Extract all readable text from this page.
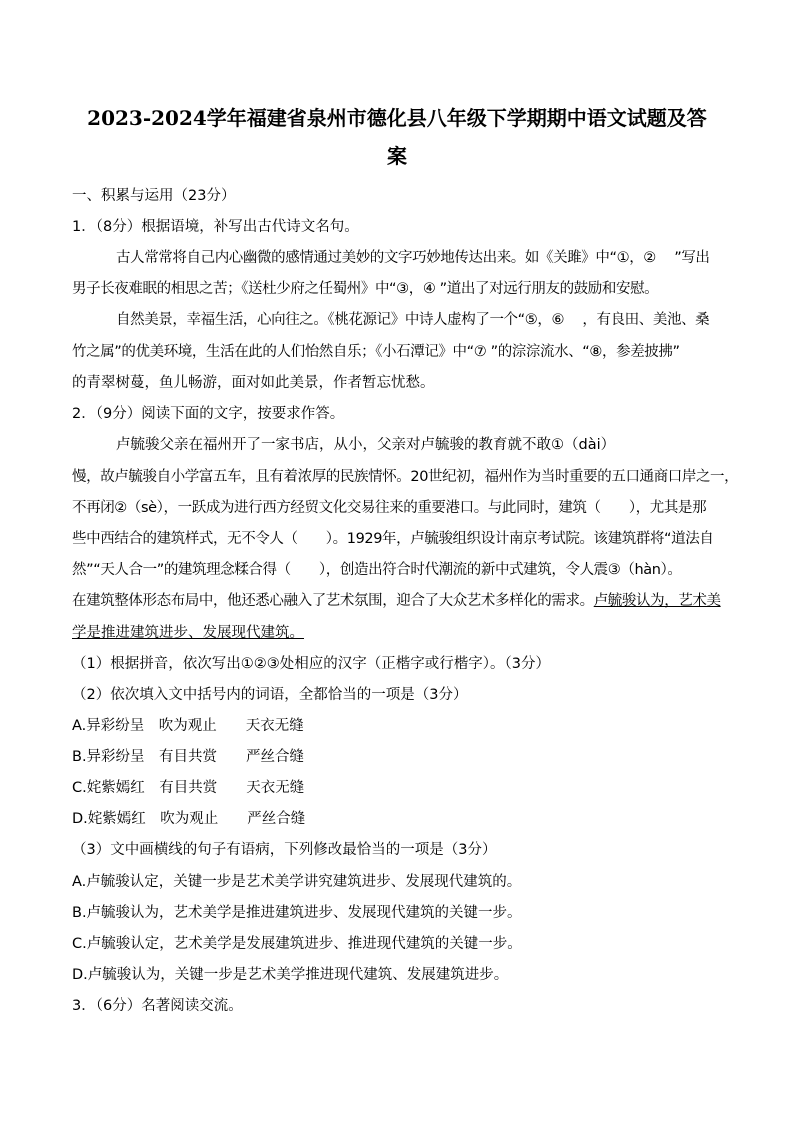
2023-2024学年福建省泉州市德化县八年级下学期期中语文试题及答
案
一、积累与运用（23分）
1．（8分）根据语境，补写出古代诗文名句。
古人常常将自己内心幽微的感情通过美妙的文字巧妙地传达出来。如《关雎》中“①，②　 ”写出
男子长夜难眠的相思之苦；《送杜少府之任蜀州》中“③，④ ”道出了对远行朋友的鼓励和安慰。
自然美景，幸福生活，心向往之。《桃花源记》中诗人虚构了一个“⑤，⑥　 ，有良田、美池、桑
竹之属”的优美环境，生活在此的人们怡然自乐；《小石潭记》中“⑦ ”的淙淙流水、“⑧，参差披拂”
的青翠树蔓，鱼儿畅游，面对如此美景，作者暂忘忧愁。
2．（9分）阅读下面的文字，按要求作答。
卢毓骏父亲在福州开了一家书店，从小，父亲对卢毓骏的教育就不敢①（dài）
慢，故卢毓骏自小学富五车，且有着浓厚的民族情怀。20世纪初，福州作为当时重要的五口通商口岸之一，
不再闭②（sè），一跃成为进行西方经贸文化交易往来的重要港口。与此同时，建筑（　　），尤其是那
些中西结合的建筑样式，无不令人（　　）。1929年，卢毓骏组织设计南京考试院。该建筑群将“道法自
然”“天人合一”的建筑理念糅合得（　　），创造出符合时代潮流的新中式建筑，令人震③（hàn）。
在建筑整体形态布局中，他还悉心融入了艺术氛围，迎合了大众艺术多样化的需求。卢毓骏认为，艺术美
学是推进建筑进步、发展现代建筑。
（1）根据拼音，依次写出①②③处相应的汉字（正楷字或行楷字）。（3分）
（2）依次填入文中括号内的词语，全都恰当的一项是（3分）
A.异彩纷呈　吹为观止　　天衣无缝
B.异彩纷呈　有目共赏　　严丝合缝
C.姹紫嫣红　有目共赏　　天衣无缝
D.姹紫嫣红　吹为观止　　严丝合缝
（3）文中画横线的句子有语病，下列修改最恰当的一项是（3分）
A.卢毓骏认定，关键一步是艺术美学讲究建筑进步、发展现代建筑的。
B.卢毓骏认为，艺术美学是推进建筑进步、发展现代建筑的关键一步。
C.卢毓骏认定，艺术美学是发展建筑进步、推进现代建筑的关键一步。
D.卢毓骏认为，关键一步是艺术美学推进现代建筑、发展建筑进步。
3．（6分）名著阅读交流。
